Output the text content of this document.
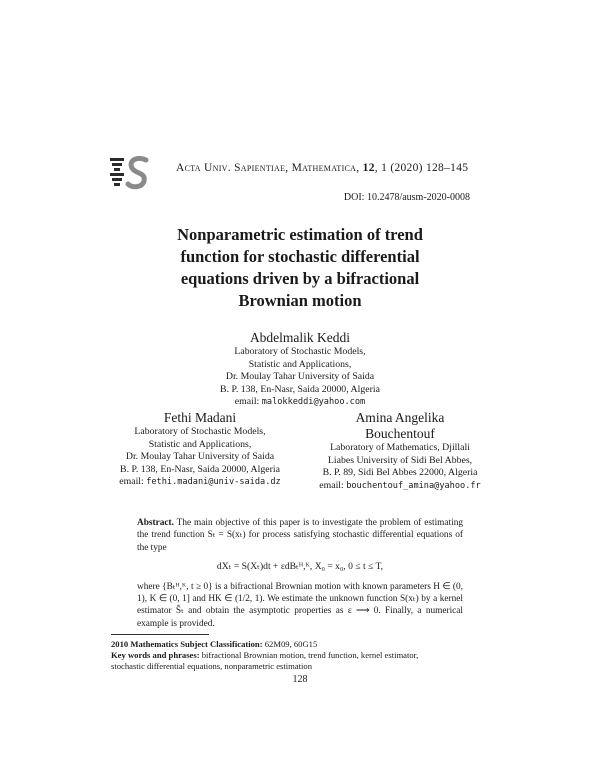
Acta Univ. Sapientiae, Mathematica, 12, 1 (2020) 128–145
DOI: 10.2478/ausm-2020-0008
Nonparametric estimation of trend
function for stochastic differential
equations driven by a bifractional
Brownian motion
Abdelmalik Keddi
Laboratory of Stochastic Models,
Statistic and Applications,
Dr. Moulay Tahar University of Saida
B. P. 138, En-Nasr, Saida 20000, Algeria
email: malokkeddi@yahoo.com
Fethi Madani
Laboratory of Stochastic Models,
Statistic and Applications,
Dr. Moulay Tahar University of Saida
B. P. 138, En-Nasr, Saida 20000, Algeria
email: fethi.madani@univ-saida.dz
Amina Angelika
Bouchentouf
Laboratory of Mathematics, Djillali
Liabes University of Sidi Bel Abbes,
B. P. 89, Sidi Bel Abbes 22000, Algeria
email: bouchentouf_amina@yahoo.fr

Abstract. The main objective of this paper is to investigate the problem of estimating the trend function Sₜ = S(xₜ) for process satisfying stochastic differential equations of the type

dXₜ = S(Xₜ)dt + εdBₜᴴ,ᴷ, X₀ = x₀, 0 ≤ t ≤ T,

where {Bₜᴴ,ᴷ, t ≥ 0} is a bifractional Brownian motion with known parameters H ∈ (0, 1), K ∈ (0, 1] and HK ∈ (1/2, 1). We estimate the unknown function S(xₜ) by a kernel estimator Ŝₜ and obtain the asymptotic properties as ε ⟶ 0. Finally, a numerical example is provided.

2010 Mathematics Subject Classification: 62M09, 60G15
Key words and phrases: bifractional Brownian motion, trend function, kernel estimator,
stochastic differential equations, nonparametric estimation
128
